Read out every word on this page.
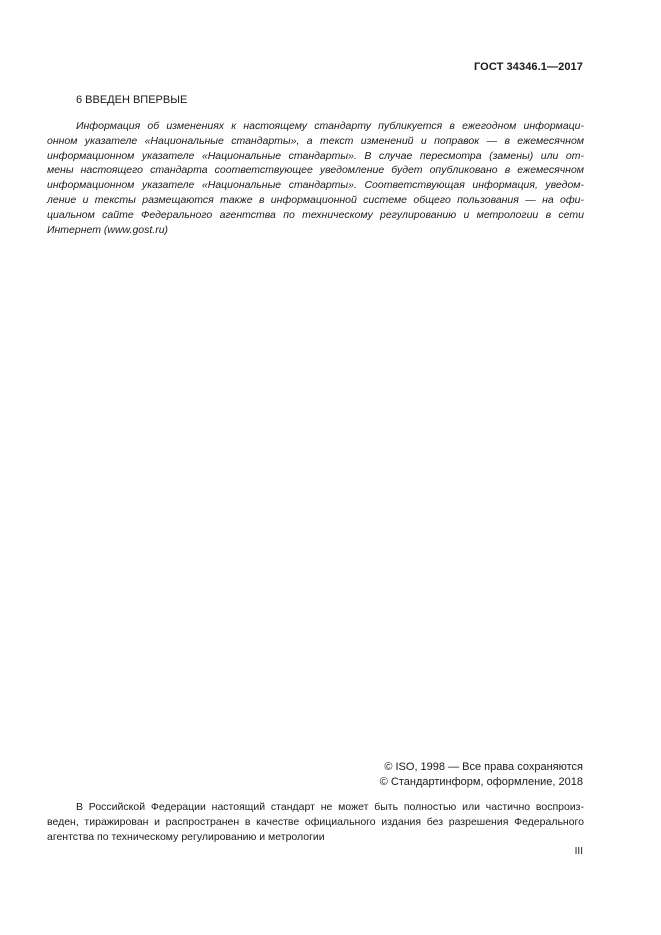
ГОСТ 34346.1—2017
6 ВВЕДЕН ВПЕРВЫЕ
Информация об изменениях к настоящему стандарту публикуется в ежегодном информаци-
онном указателе «Национальные стандарты», а текст изменений и поправок — в ежемесячном
информационном указателе «Национальные стандарты». В случае пересмотра (замены) или от-
мены настоящего стандарта соответствующее уведомление будет опубликовано в ежемесячном
информационном указателе «Национальные стандарты». Соответствующая информация, уведом-
ление и тексты размещаются также в информационной системе общего пользования — на офи-
циальном сайте Федерального агентства по техническому регулированию и метрологии в сети
Интернет (www.gost.ru)
© ISO, 1998 — Все права сохраняются
© Стандартинформ, оформление, 2018
В Российской Федерации настоящий стандарт не может быть полностью или частично воспроиз-
веден, тиражирован и распространен в качестве официального издания без разрешения Федерального
агентства по техническому регулированию и метрологии
III
